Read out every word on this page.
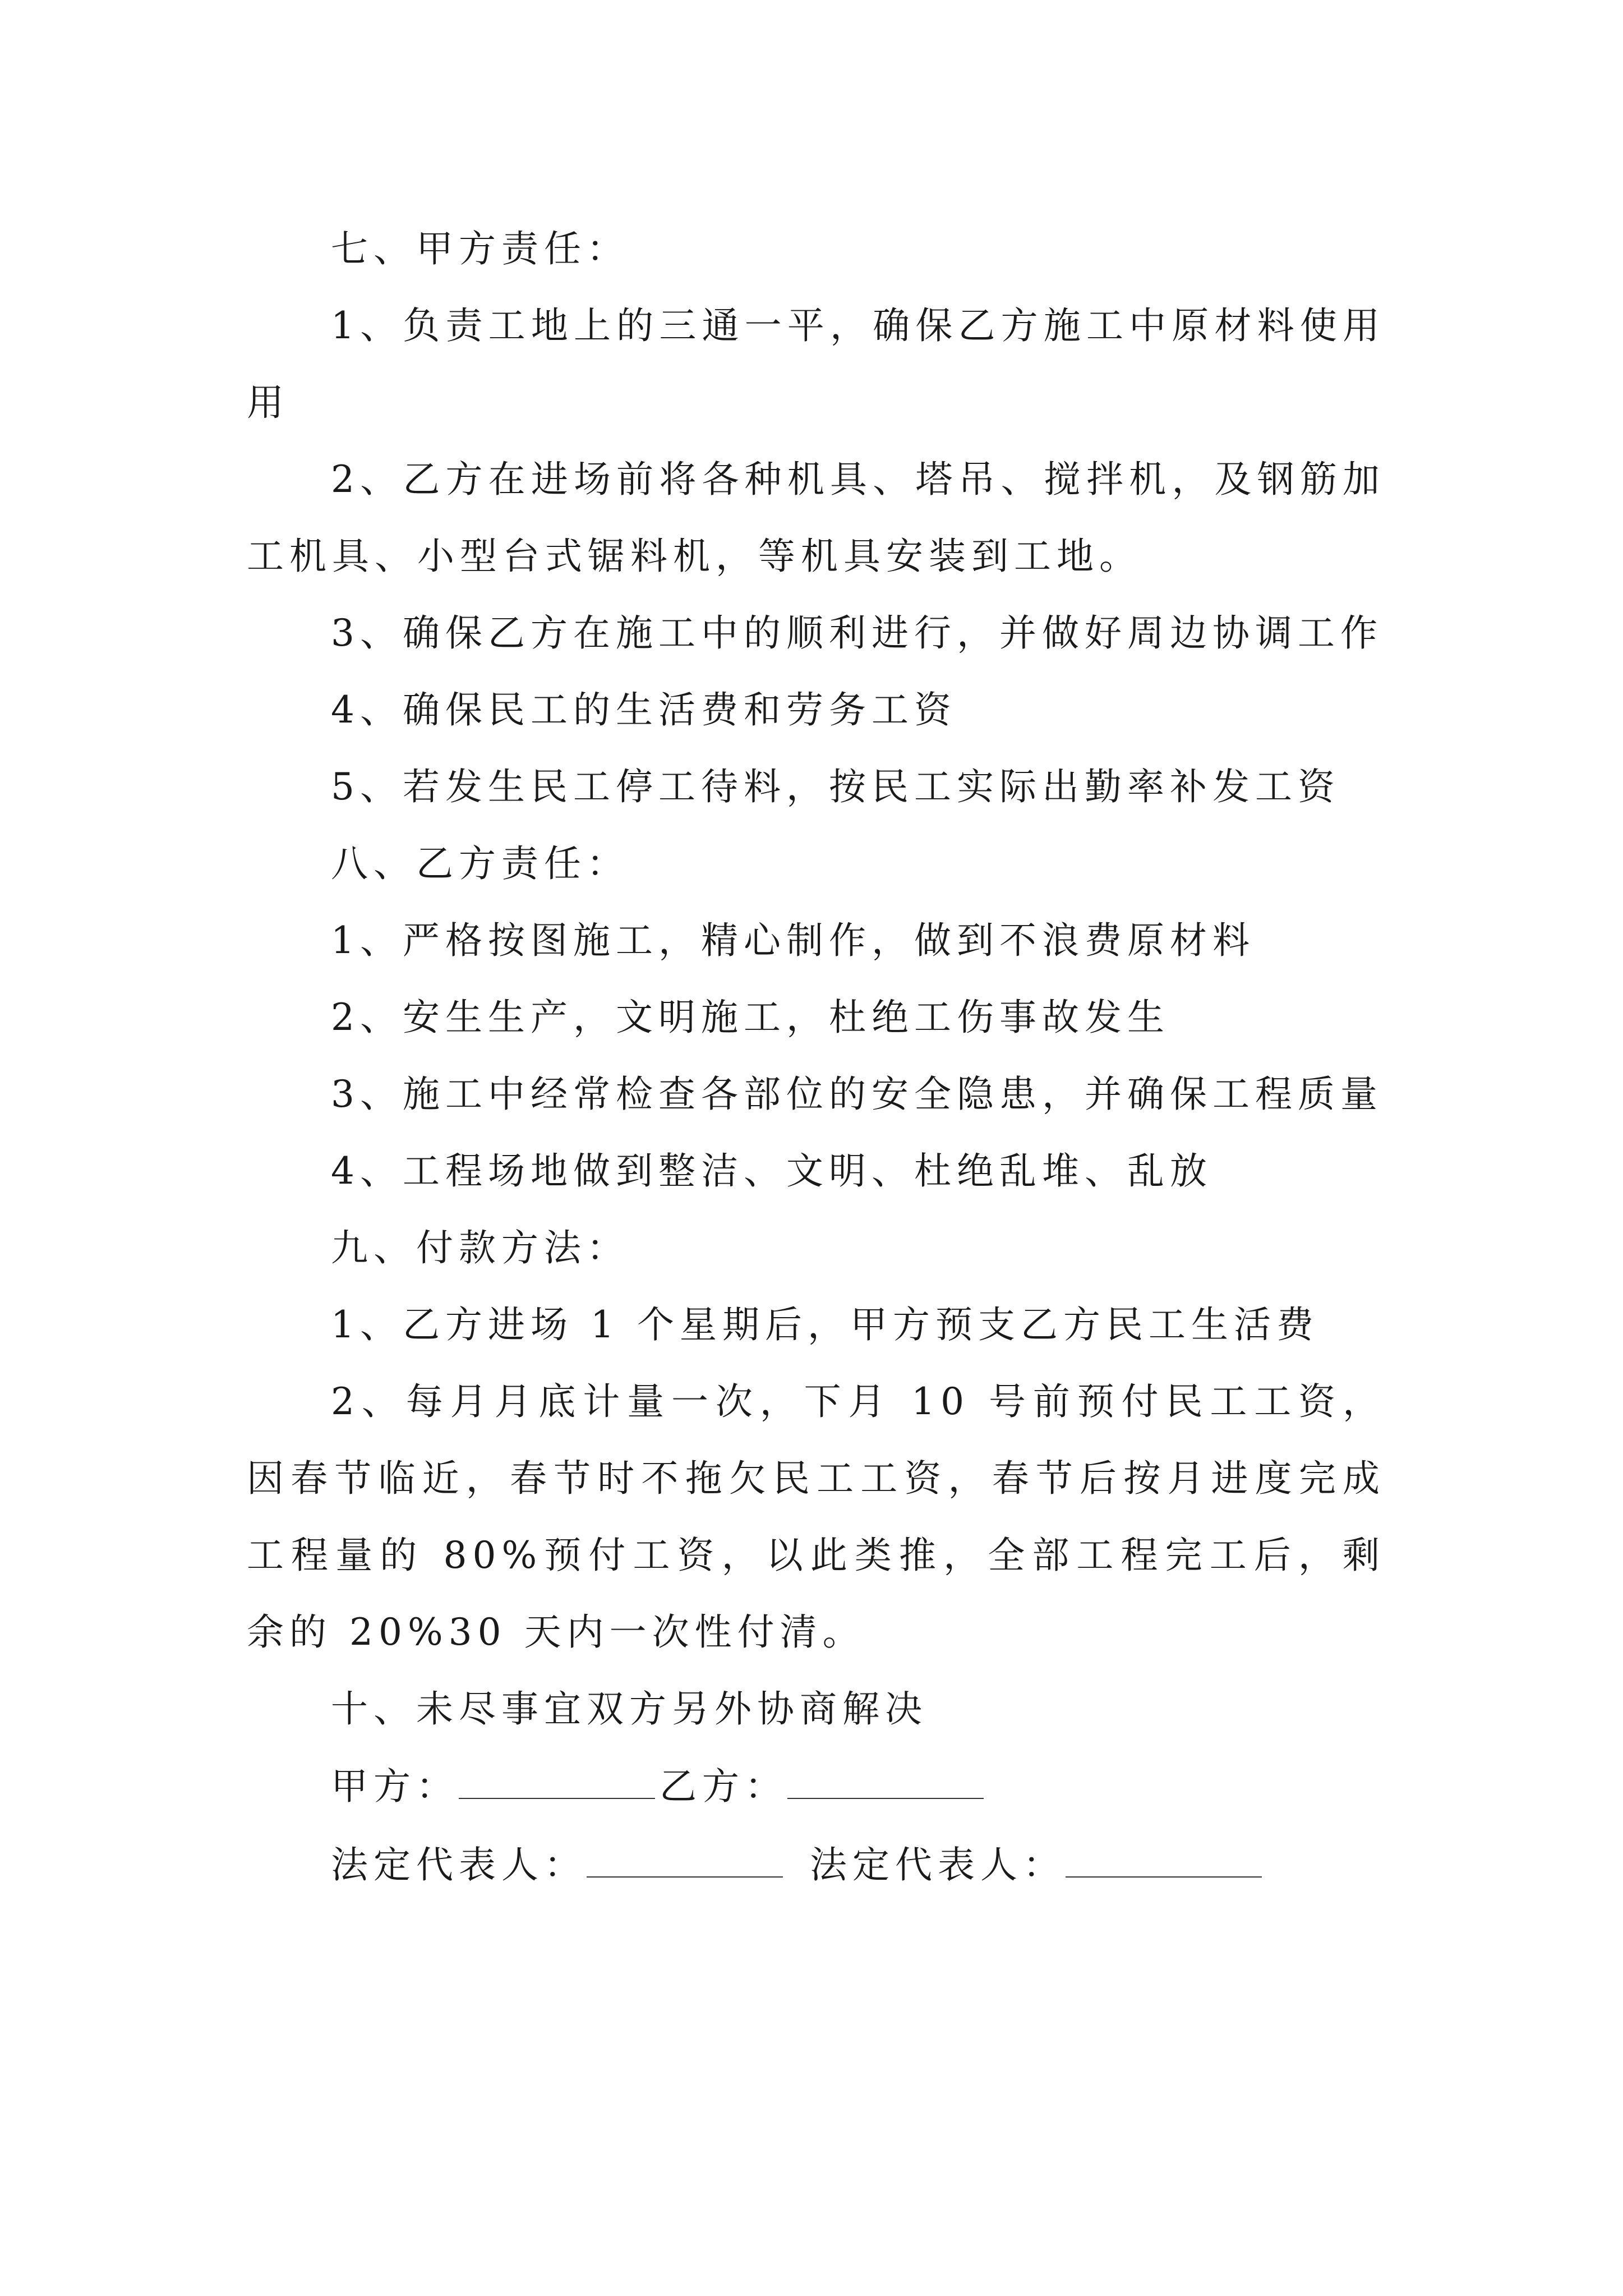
七、甲方责任：

1、负责工地上的三通一平，确保乙方施工中原材料使用用

2、乙方在进场前将各种机具、塔吊、搅拌机，及钢筋加工机具、小型台式锯料机，等机具安装到工地。

3、确保乙方在施工中的顺利进行，并做好周边协调工作

4、确保民工的生活费和劳务工资

5、若发生民工停工待料，按民工实际出勤率补发工资

八、乙方责任：

1、严格按图施工，精心制作，做到不浪费原材料

2、安生生产，文明施工，杜绝工伤事故发生

3、施工中经常检查各部位的安全隐患，并确保工程质量

4、工程场地做到整洁、文明、杜绝乱堆、乱放

九、付款方法：

1、乙方进场 1 个星期后，甲方预支乙方民工生活费

2、每月月底计量一次，下月 10 号前预付民工工资，因春节临近，春节时不拖欠民工工资，春节后按月进度完成工程量的 80%预付工资，以此类推，全部工程完工后，剩余的 20%30 天内一次性付清。

十、未尽事宜双方另外协商解决

甲方：	乙方：
法定代表人：	法定代表人：
